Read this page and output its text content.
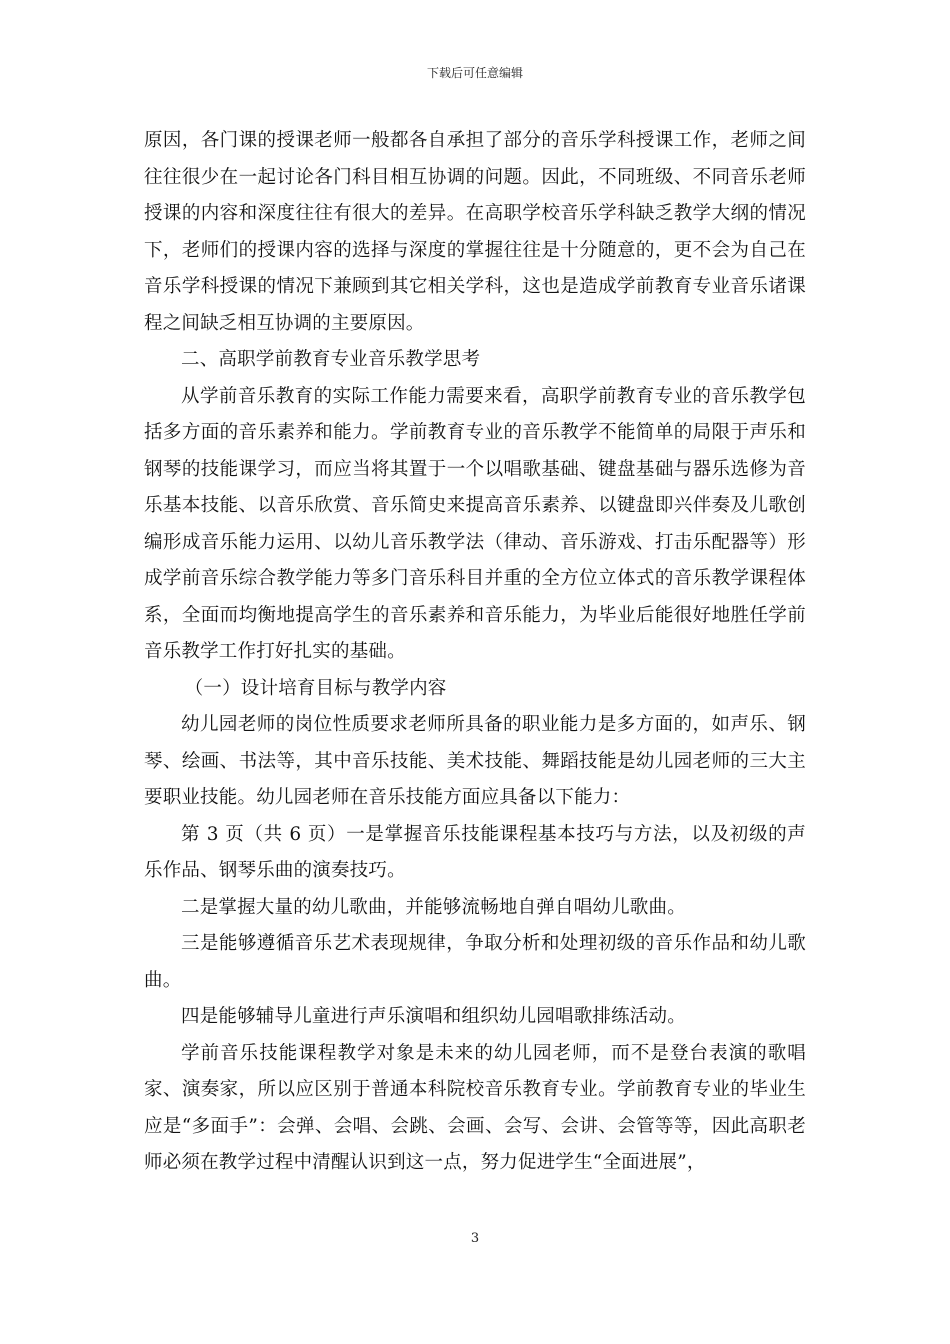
下载后可任意编辑

原因，各门课的授课老师一般都各自承担了部分的音乐学科授课工作，老师之间往往很少在一起讨论各门科目相互协调的问题。因此，不同班级、不同音乐老师授课的内容和深度往往有很大的差异。在高职学校音乐学科缺乏教学大纲的情况下，老师们的授课内容的选择与深度的掌握往往是十分随意的，更不会为自己在音乐学科授课的情况下兼顾到其它相关学科，这也是造成学前教育专业音乐诸课程之间缺乏相互协调的主要原因。

二、高职学前教育专业音乐教学思考

从学前音乐教育的实际工作能力需要来看，高职学前教育专业的音乐教学包括多方面的音乐素养和能力。学前教育专业的音乐教学不能简单的局限于声乐和钢琴的技能课学习，而应当将其置于一个以唱歌基础、键盘基础与器乐选修为音乐基本技能、以音乐欣赏、音乐简史来提高音乐素养、以键盘即兴伴奏及儿歌创编形成音乐能力运用、以幼儿音乐教学法（律动、音乐游戏、打击乐配器等）形成学前音乐综合教学能力等多门音乐科目并重的全方位立体式的音乐教学课程体系，全面而均衡地提高学生的音乐素养和音乐能力，为毕业后能很好地胜任学前音乐教学工作打好扎实的基础。

（一）设计培育目标与教学内容

幼儿园老师的岗位性质要求老师所具备的职业能力是多方面的，如声乐、钢琴、绘画、书法等，其中音乐技能、美术技能、舞蹈技能是幼儿园老师的三大主要职业技能。幼儿园老师在音乐技能方面应具备以下能力：

第 3 页（共 6 页）一是掌握音乐技能课程基本技巧与方法，以及初级的声乐作品、钢琴乐曲的演奏技巧。

二是掌握大量的幼儿歌曲，并能够流畅地自弹自唱幼儿歌曲。

三是能够遵循音乐艺术表现规律，争取分析和处理初级的音乐作品和幼儿歌曲。

四是能够辅导儿童进行声乐演唱和组织幼儿园唱歌排练活动。

学前音乐技能课程教学对象是未来的幼儿园老师，而不是登台表演的歌唱家、演奏家，所以应区别于普通本科院校音乐教育专业。学前教育专业的毕业生应是“多面手”：会弹、会唱、会跳、会画、会写、会讲、会管等等，因此高职老师必须在教学过程中清醒认识到这一点，努力促进学生“全面进展”，

3
